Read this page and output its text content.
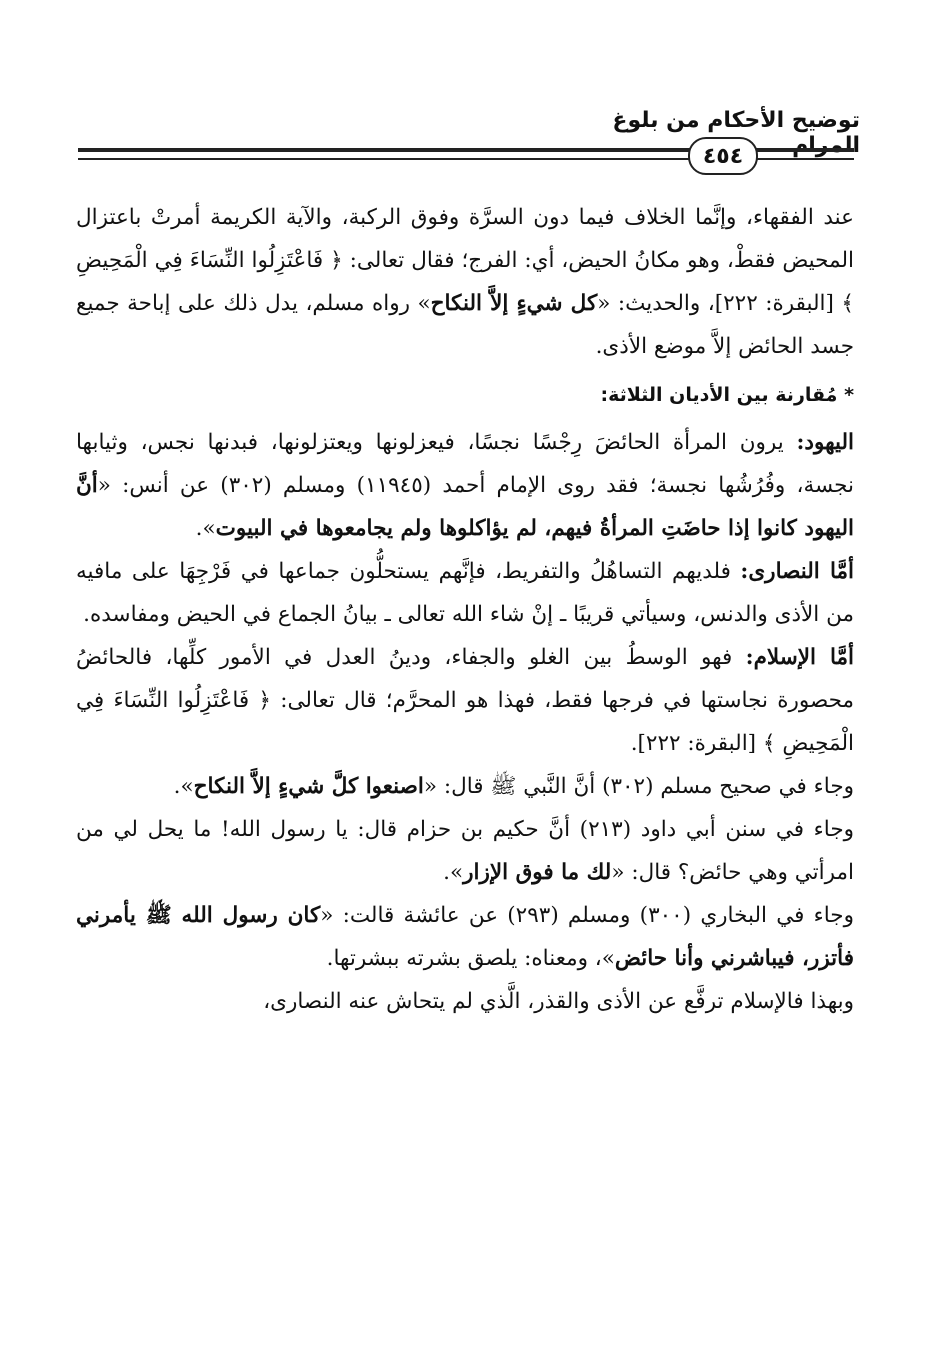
توضيح الأحكام من بلوغ المرام
٤٥٤

عند الفقهاء، وإنَّما الخلاف فيما دون السرَّة وفوق الركبة، والآية الكريمة أمرتْ باعتزال المحيض فقطْ، وهو مكانُ الحيض، أي: الفرج؛ فقال تعالى: ﴿ فَاعْتَزِلُوا النِّسَاءَ فِي الْمَحِيضِ ﴾ [البقرة: ٢٢٢]، والحديث: «كل شيءٍ إلاَّ النكاح» رواه مسلم، يدل ذلك على إباحة جميع جسد الحائض إلاَّ موضع الأذى.

* مُقارنة بين الأديان الثلاثة:

اليهود: يرون المرأة الحائضَ رِجْسًا نجسًا، فيعزلونها ويعتزلونها، فبدنها نجس، وثيابها نجسة، وفُرُشُها نجسة؛ فقد روى الإمام أحمد (١١٩٤٥) ومسلم (٣٠٢) عن أنس: «أنَّ اليهود كانوا إذا حاضَتِ المرأةُ فيهم، لم يؤاكلوها ولم يجامعوها في البيوت».

أمَّا النصارى: فلديهم التساهُلُ والتفريط، فإنَّهم يستحلُّون جماعها في فَرْجِهَا على مافيه من الأذى والدنس، وسيأتي قريبًا ـ إنْ شاء الله تعالى ـ بيانُ الجماع في الحيض ومفاسده.

أمَّا الإسلام: فهو الوسطُ بين الغلو والجفاء، ودينُ العدل في الأمور كلِّها، فالحائضُ محصورة نجاستها في فرجها فقط، فهذا هو المحرَّم؛ قال تعالى: ﴿ فَاعْتَزِلُوا النِّسَاءَ فِي الْمَحِيضِ ﴾ [البقرة: ٢٢٢].

وجاء في صحيح مسلم (٣٠٢) أنَّ النَّبي ﷺ قال: «اصنعوا كلَّ شيءٍ إلاَّ النكاح».

وجاء في سنن أبي داود (٢١٣) أنَّ حكيم بن حزام قال: يا رسول الله! ما يحل لي من امرأتي وهي حائض؟ قال: «لك ما فوق الإزار».

وجاء في البخاري (٣٠٠) ومسلم (٢٩٣) عن عائشة قالت: «كان رسول الله ﷺ يأمرني فأتزر، فيباشرني وأنا حائض»، ومعناه: يلصق بشرته ببشرتها.

وبهذا فالإسلام ترفَّع عن الأذى والقذر، الَّذي لم يتحاش عنه النصارى،
